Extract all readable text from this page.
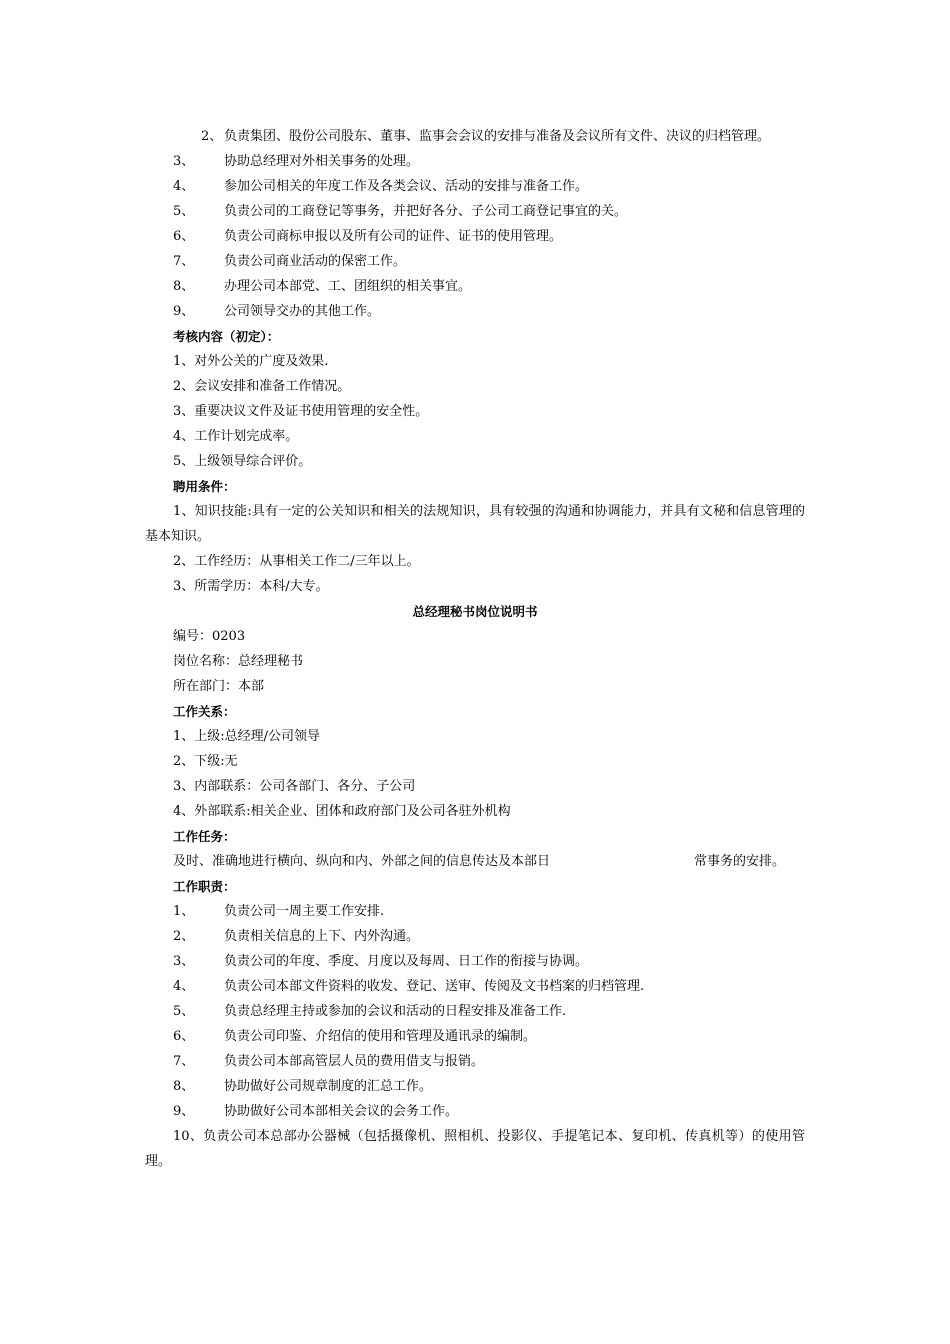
2、 负责集团、股份公司股东、董事、监事会会议的安排与准备及会议所有文件、决议的归档管理。
3、 协助总经理对外相关事务的处理。
4、 参加公司相关的年度工作及各类会议、活动的安排与准备工作。
5、 负责公司的工商登记等事务，并把好各分、子公司工商登记事宜的关。
6、 负责公司商标申报以及所有公司的证件、证书的使用管理。
7、 负责公司商业活动的保密工作。
8、 办理公司本部党、工、团组织的相关事宜。
9、 公司领导交办的其他工作。
考核内容（初定）：
1、对外公关的广度及效果.
2、会议安排和准备工作情况。
3、重要决议文件及证书使用管理的安全性。
4、工作计划完成率。
5、上级领导综合评价。
聘用条件：
1、知识技能:具有一定的公关知识和相关的法规知识，具有较强的沟通和协调能力，并具有文秘和信息管理的基本知识。
2、工作经历：从事相关工作二/三年以上。
3、所需学历：本科/大专。
总经理秘书岗位说明书
编号：0203
岗位名称：总经理秘书
所在部门：本部
工作关系：
1、上级:总经理/公司领导
2、下级:无
3、内部联系：公司各部门、各分、子公司
4、外部联系:相关企业、团体和政府部门及公司各驻外机构
工作任务：
及时、准确地进行横向、纵向和内、外部之间的信息传达及本部日	常事务的安排。
工作职责：
1、 负责公司一周主要工作安排.
2、 负责相关信息的上下、内外沟通。
3、 负责公司的年度、季度、月度以及每周、日工作的衔接与协调。
4、 负责公司本部文件资料的收发、登记、送审、传阅及文书档案的归档管理.
5、 负责总经理主持或参加的会议和活动的日程安排及准备工作.
6、 负责公司印鉴、介绍信的使用和管理及通讯录的编制。
7、 负责公司本部高管层人员的费用借支与报销。
8、 协助做好公司规章制度的汇总工作。
9、 协助做好公司本部相关会议的会务工作。
10、负责公司本总部办公器械（包括摄像机、照相机、投影仪、手提笔记本、复印机、传真机等）的使用管理。
